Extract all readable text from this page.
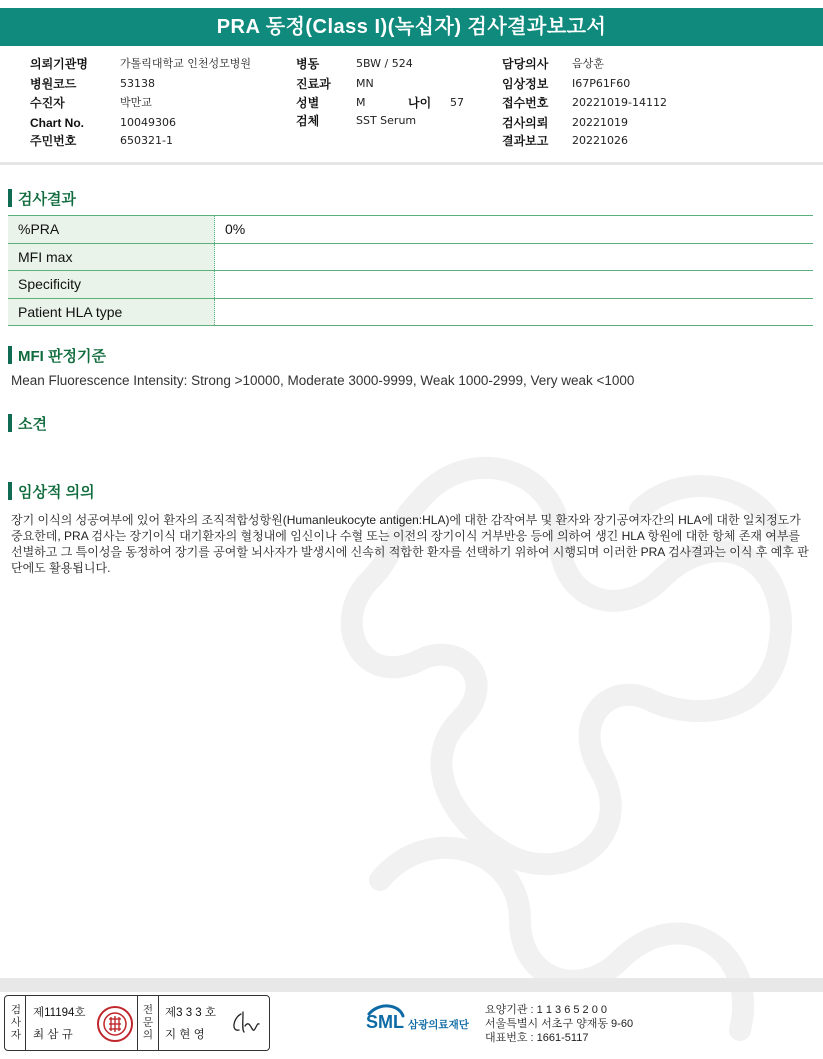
PRA 동정(Class I)(녹십자) 검사결과보고서
의뢰기관명	가톨릭대학교 인천성모병원
병원코드	53138
수진자	박만교
Chart No.	10049306
주민번호	650321-1
병동	5BW / 524
진료과 MN
성별	M	나이 57
검체	SST Serum
담당의사 음상훈
임상정보 I67P61F60
접수번호 20221019-14112
검사의뢰 20221019
결과보고 20221026
검사결과
%PRA	0%
MFI max	
Specificity	
Patient HLA type	
MFI 판정기준
Mean Fluorescence Intensity: Strong >10000, Moderate 3000-9999, Weak 1000-2999, Very weak <1000
소견
임상적 의의
장기 이식의 성공여부에 있어 환자의 조직적합성항원(Humanleukocyte antigen:HLA)에 대한 감작여부 및 환자와 장기공여자간의 HLA에 대한 일치정도가 중요한데, PRA 검사는 장기이식 대기환자의 혈청내에 임신이나 수혈 또는 이전의 장기이식 거부반응 등에 의하여 생긴 HLA 항원에 대한 항체 존재 여부를 선별하고 그 특이성을 동정하여 장기를 공여할 뇌사자가 발생시에 신속히 적합한 환자를 선택하기 위하여 시행되며 이러한 PRA 검사결과는 이식 후 예후 판단에도 활용됩니다.
검사자 제11194호
최 삼 규	전문의 제3 3 3 호
지 현 영
SML 삼광의료재단
요양기관 : 1 1 3 6 5 2 0 0
서울특별시 서초구 양재동 9-60
대표번호 : 1661-5117
